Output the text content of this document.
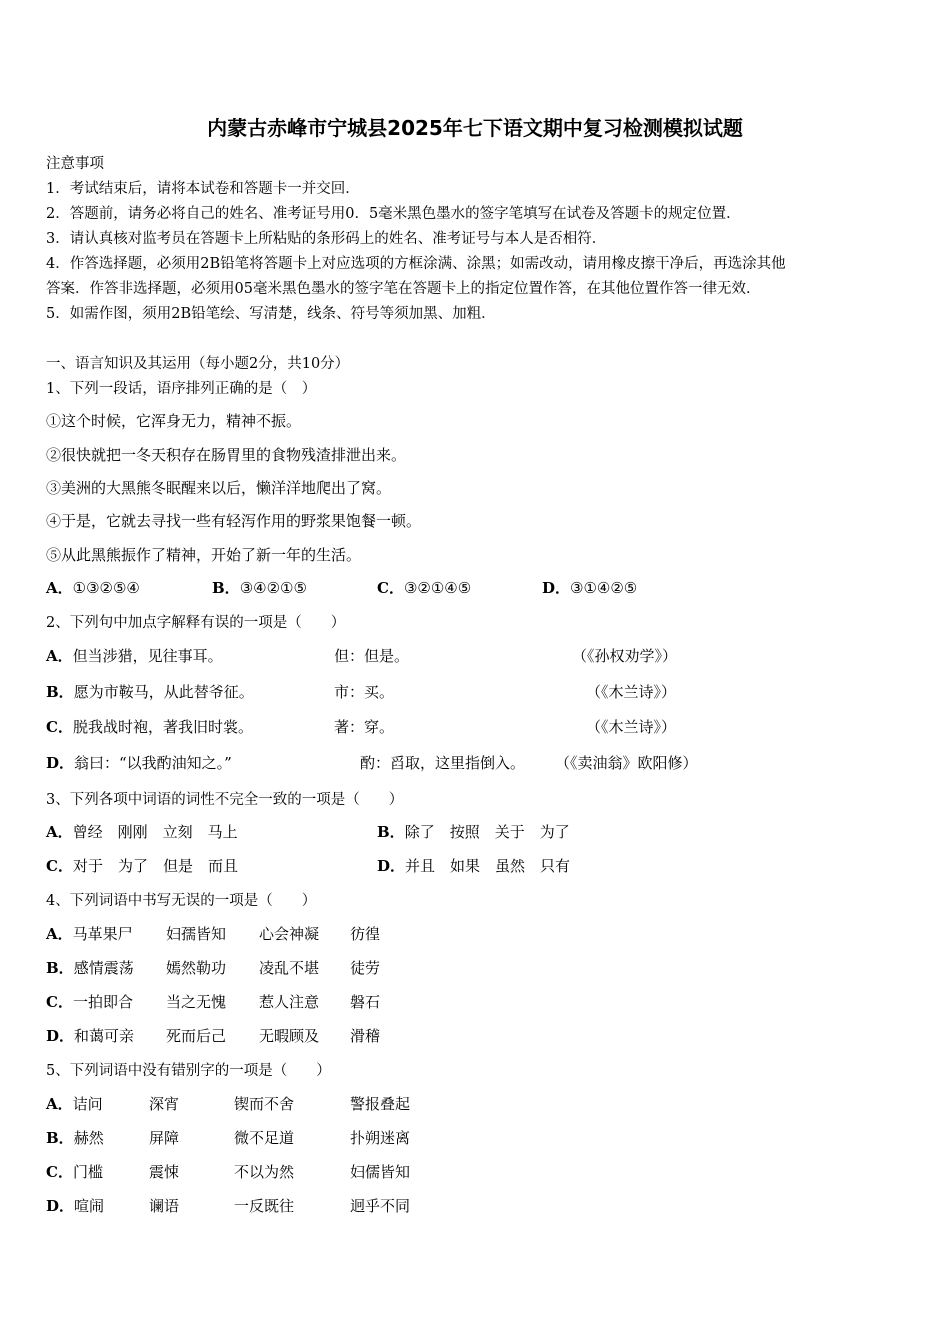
内蒙古赤峰市宁城县2025年七下语文期中复习检测模拟试题
注意事项
1．考试结束后，请将本试卷和答题卡一并交回．
2．答题前，请务必将自己的姓名、准考证号用0．5毫米黑色墨水的签字笔填写在试卷及答题卡的规定位置．
3．请认真核对监考员在答题卡上所粘贴的条形码上的姓名、准考证号与本人是否相符．
4．作答选择题，必须用2B铅笔将答题卡上对应选项的方框涂满、涂黑；如需改动，请用橡皮擦干净后，再选涂其他
答案．作答非选择题，必须用05毫米黑色墨水的签字笔在答题卡上的指定位置作答，在其他位置作答一律无效．
5．如需作图，须用2B铅笔绘、写清楚，线条、符号等须加黑、加粗．
一、语言知识及其运用（每小题2分，共10分）
1、下列一段话，语序排列正确的是（　）
①这个时候，它浑身无力，精神不振。
②很快就把一冬天积存在肠胃里的食物残渣排泄出来。
③美洲的大黑熊冬眠醒来以后，懒洋洋地爬出了窝。
④于是，它就去寻找一些有轻泻作用的野浆果饱餐一顿。
⑤从此黑熊振作了精神，开始了新一年的生活。
A．①③②⑤④	B．③④②①⑤	C．③②①④⑤	D．③①④②⑤
2、下列句中加点字解释有误的一项是（　　）
A．但当涉猎，见往事耳。	但：但是。	（《孙权劝学》）
B．愿为市鞍马，从此替爷征。	市：买。	（《木兰诗》）
C．脱我战时袍，著我旧时裳。	著：穿。	（《木兰诗》）
D．翁曰：“以我酌油知之。”	酌：舀取，这里指倒入。 （《卖油翁》欧阳修）
3、下列各项中词语的词性不完全一致的一项是（　　）
A．曾经　刚刚　立刻　马上	B．除了　按照　关于　为了
C．对于　为了　但是　而且	D．并且　如果　虽然　只有
4、下列词语中书写无误的一项是（　　）
A．马革果尸 妇孺皆知 心会神凝 彷徨
B．感情震荡 嫣然勒功 凌乱不堪 徒劳
C．一拍即合 当之无愧 惹人注意 磐石
D．和蔼可亲 死而后己 无暇顾及 滑稽
5、下列词语中没有错别字的一项是（　　）
A．诘问	深宵	锲而不舍	警报叠起
B．赫然	屏障	微不足道	扑朔迷离
C．门槛	震悚	不以为然	妇儒皆知
D．喧闹	谰语	一反既往	迥乎不同
